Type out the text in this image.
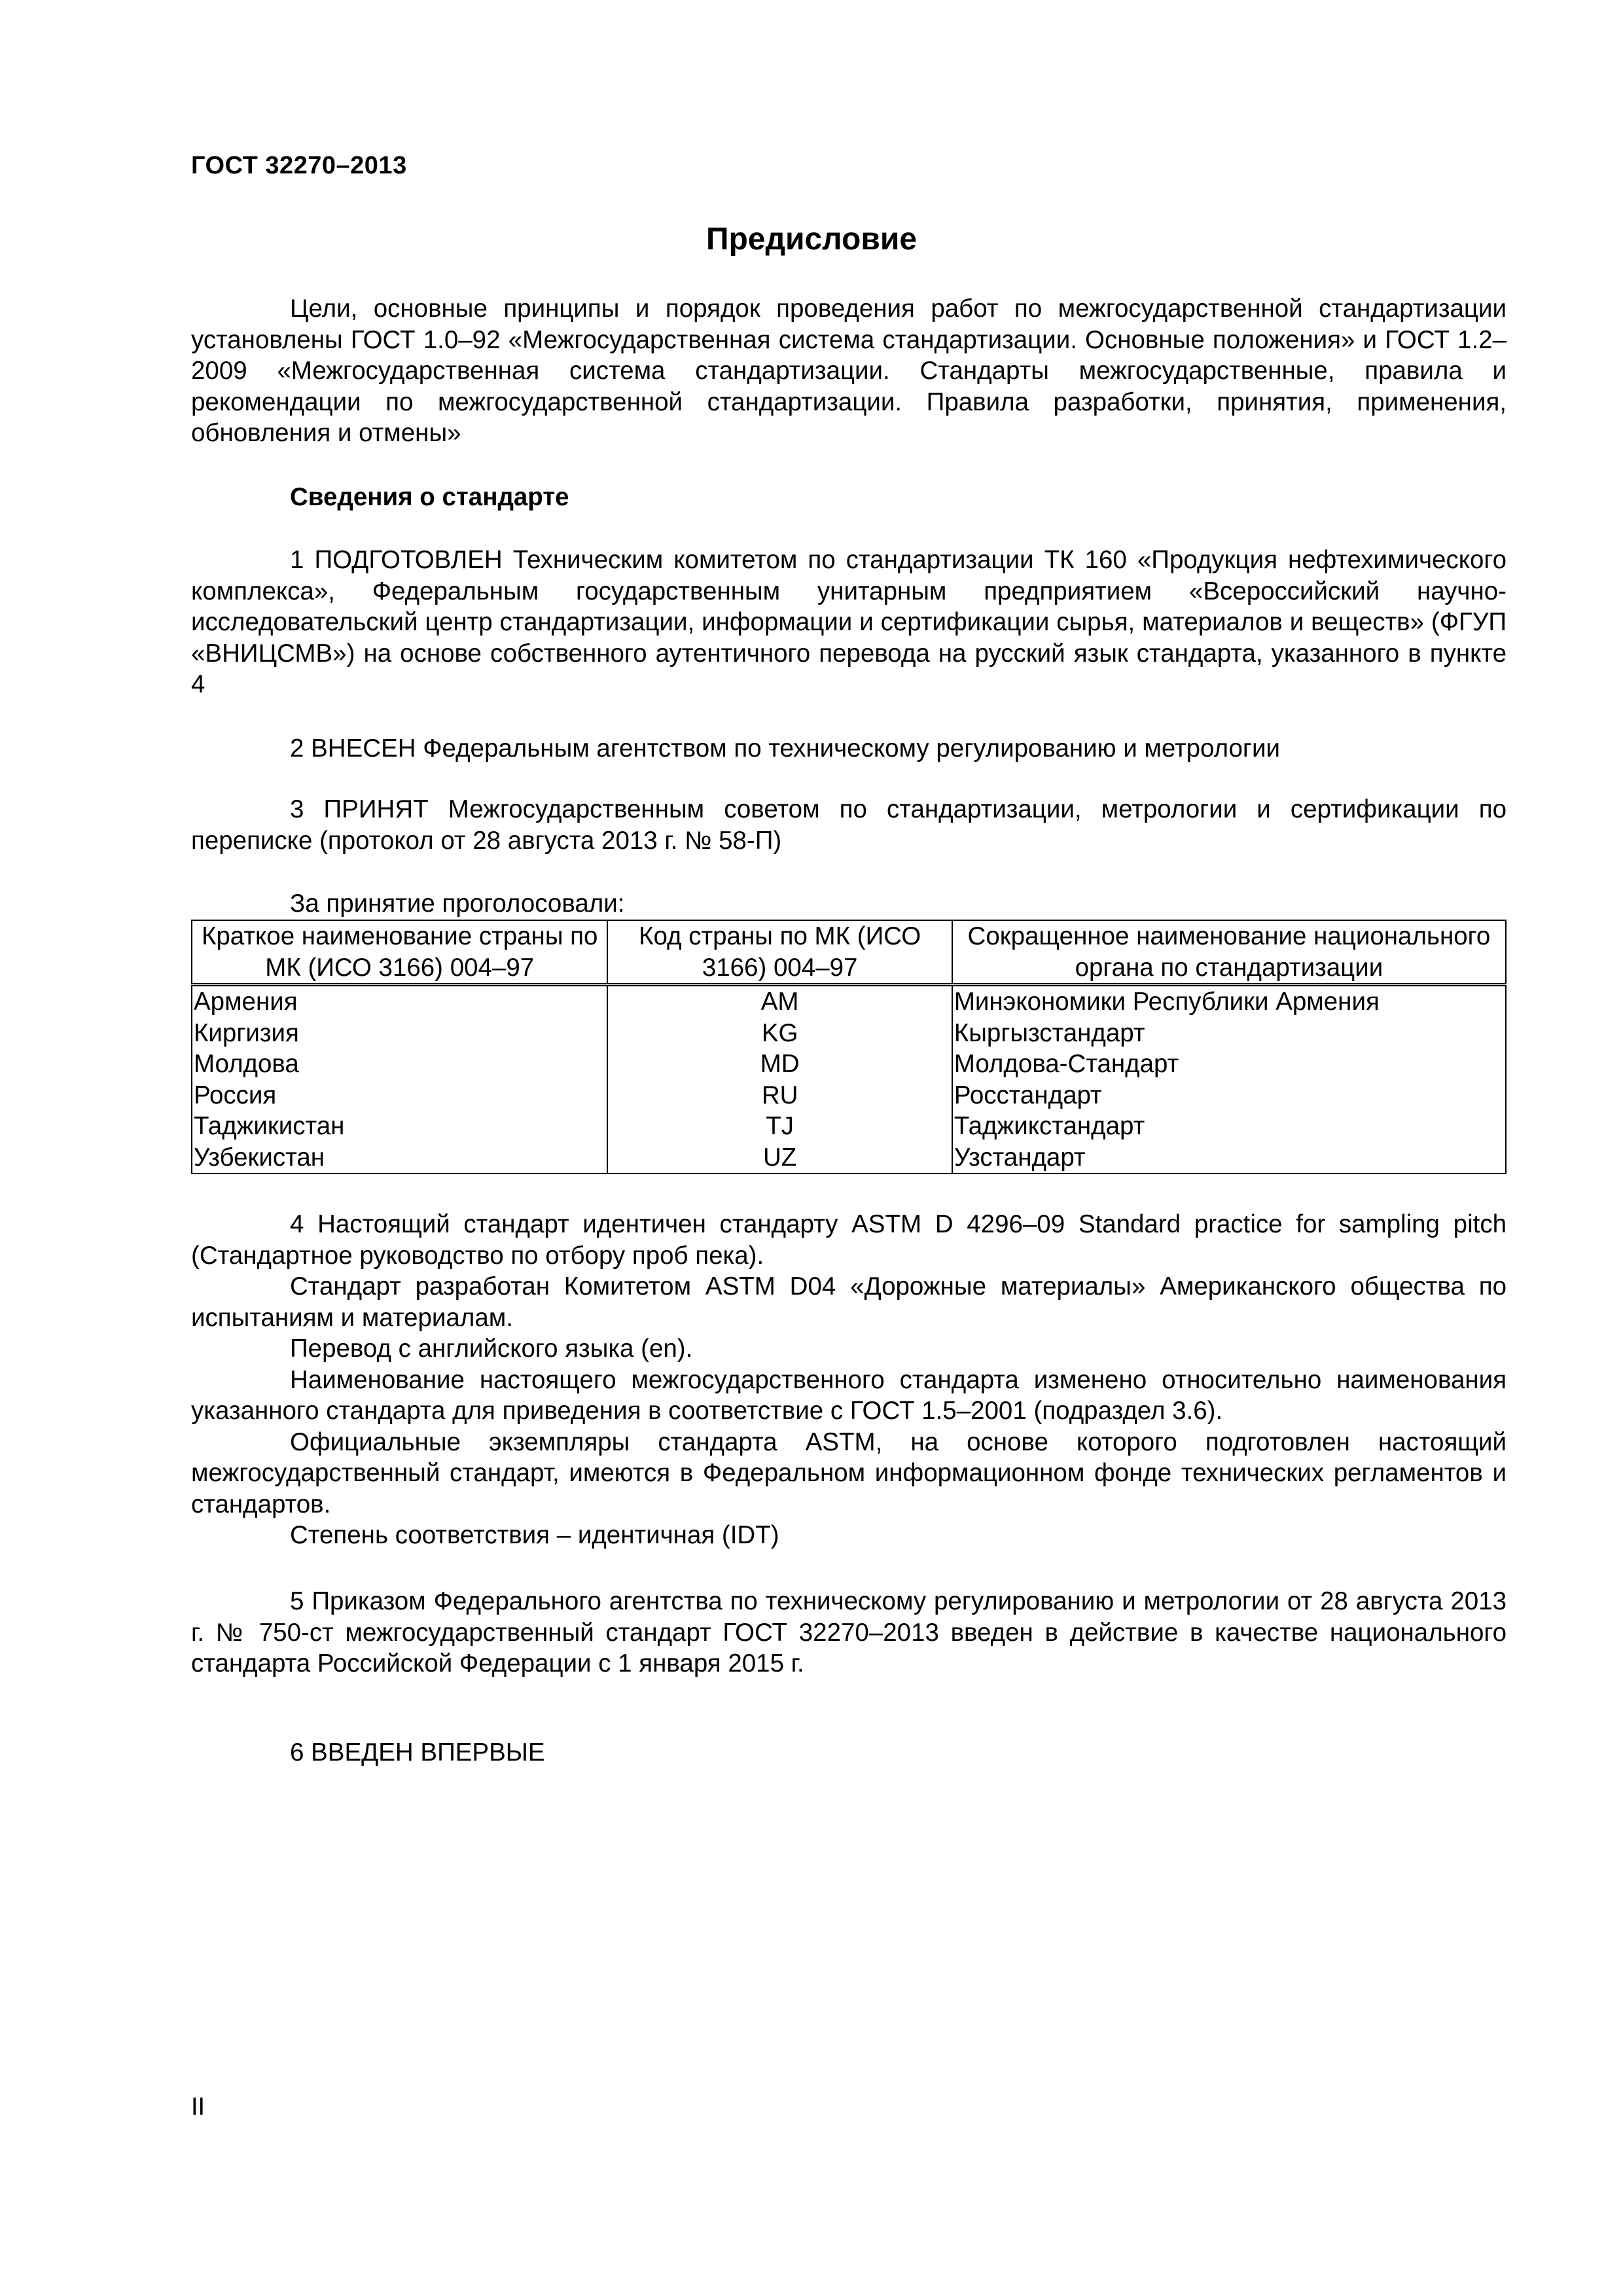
ГОСТ 32270–2013
Предисловие

Цели, основные принципы и порядок проведения работ по межгосударственной стандартизации установлены ГОСТ 1.0–92 «Межгосударственная система стандартизации. Основные положения» и ГОСТ 1.2–2009 «Межгосударственная система стандартизации. Стандарты межгосударственные, правила и рекомендации по межгосударственной стандартизации. Правила разработки, принятия, применения, обновления и отмены»

Сведения о стандарте

1 ПОДГОТОВЛЕН Техническим комитетом по стандартизации ТК 160 «Продукция нефтехимического комплекса», Федеральным государственным унитарным предприятием «Всероссийский научно-исследовательский центр стандартизации, информации и сертификации сырья, материалов и веществ» (ФГУП «ВНИЦСМВ») на основе собственного аутентичного перевода на русский язык стандарта, указанного в пункте 4

2 ВНЕСЕН Федеральным агентством по техническому регулированию и метрологии

3 ПРИНЯТ Межгосударственным советом по стандартизации, метрологии и сертификации по переписке (протокол от 28 августа 2013 г. № 58-П)

За принятие проголосовали:
Краткое наименование страны по МК (ИСО 3166) 004–97	Код страны по МК (ИСО 3166) 004–97	Сокращенное наименование национального органа по стандартизации
Армения	AM	Минэкономики Республики Армения
Киргизия	KG	Кыргызстандарт
Молдова	MD	Молдова-Стандарт
Россия	RU	Росстандарт
Таджикистан	TJ	Таджикстандарт
Узбекистан	UZ	Узстандарт

4 Настоящий стандарт идентичен стандарту ASTM D 4296–09 Standard practice for sampling pitch (Стандартное руководство по отбору проб пека).

Стандарт разработан Комитетом ASTM D04 «Дорожные материалы» Американского общества по испытаниям и материалам.

Перевод с английского языка (en).

Наименование настоящего межгосударственного стандарта изменено относительно наименования указанного стандарта для приведения в соответствие с ГОСТ 1.5–2001 (подраздел 3.6).

Официальные экземпляры стандарта ASTM, на основе которого подготовлен настоящий межгосударственный стандарт, имеются в Федеральном информационном фонде технических регламентов и стандартов.

Степень соответствия – идентичная (IDT)

5 Приказом Федерального агентства по техническому регулированию и метрологии от 28 августа 2013 г. № 750-ст межгосударственный стандарт ГОСТ 32270–2013 введен в действие в качестве национального стандарта Российской Федерации с 1 января 2015 г.

6 ВВЕДЕН ВПЕРВЫЕ
II
